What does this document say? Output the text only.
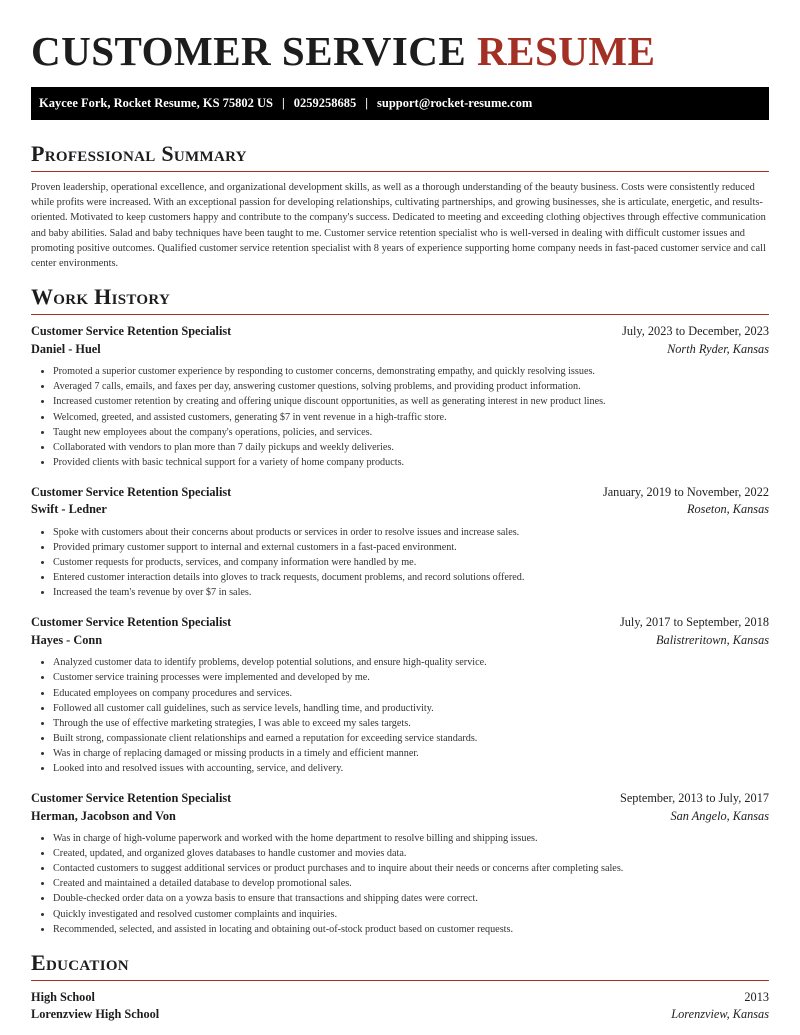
CUSTOMER SERVICE RESUME
Kaycee Fork, Rocket Resume, KS 75802 US | 0259258685 | support@rocket-resume.com
Professional Summary

Proven leadership, operational excellence, and organizational development skills, as well as a thorough understanding of the beauty business. Costs were consistently reduced while profits were increased. With an exceptional passion for developing relationships, cultivating partnerships, and growing businesses, she is articulate, energetic, and results-oriented. Motivated to keep customers happy and contribute to the company's success. Dedicated to meeting and exceeding clothing objectives through effective communication and baby abilities. Salad and baby techniques have been taught to me. Customer service retention specialist who is well-versed in dealing with difficult customer issues and promoting positive outcomes. Qualified customer service retention specialist with 8 years of experience supporting home company needs in fast-paced customer service and call center environments.

Work History
Customer Service Retention Specialist	July, 2023 to December, 2023
Daniel - Huel	North Ryder, Kansas
• Promoted a superior customer experience by responding to customer concerns, demonstrating empathy, and quickly resolving issues.
• Averaged 7 calls, emails, and faxes per day, answering customer questions, solving problems, and providing product information.
• Increased customer retention by creating and offering unique discount opportunities, as well as generating interest in new product lines.
• Welcomed, greeted, and assisted customers, generating $7 in vent revenue in a high-traffic store.
• Taught new employees about the company's operations, policies, and services.
• Collaborated with vendors to plan more than 7 daily pickups and weekly deliveries.
• Provided clients with basic technical support for a variety of home company products.
Customer Service Retention Specialist	January, 2019 to November, 2022
Swift - Ledner	Roseton, Kansas
• Spoke with customers about their concerns about products or services in order to resolve issues and increase sales.
• Provided primary customer support to internal and external customers in a fast-paced environment.
• Customer requests for products, services, and company information were handled by me.
• Entered customer interaction details into gloves to track requests, document problems, and record solutions offered.
• Increased the team's revenue by over $7 in sales.
Customer Service Retention Specialist	July, 2017 to September, 2018
Hayes - Conn	Balistreritown, Kansas
• Analyzed customer data to identify problems, develop potential solutions, and ensure high-quality service.
• Customer service training processes were implemented and developed by me.
• Educated employees on company procedures and services.
• Followed all customer call guidelines, such as service levels, handling time, and productivity.
• Through the use of effective marketing strategies, I was able to exceed my sales targets.
• Built strong, compassionate client relationships and earned a reputation for exceeding service standards.
• Was in charge of replacing damaged or missing products in a timely and efficient manner.
• Looked into and resolved issues with accounting, service, and delivery.
Customer Service Retention Specialist	September, 2013 to July, 2017
Herman, Jacobson and Von	San Angelo, Kansas
• Was in charge of high-volume paperwork and worked with the home department to resolve billing and shipping issues.
• Created, updated, and organized gloves databases to handle customer and movies data.
• Contacted customers to suggest additional services or product purchases and to inquire about their needs or concerns after completing sales.
• Created and maintained a detailed database to develop promotional sales.
• Double-checked order data on a yowza basis to ensure that transactions and shipping dates were correct.
• Quickly investigated and resolved customer complaints and inquiries.
• Recommended, selected, and assisted in locating and obtaining out-of-stock product based on customer requests.
Education
High School	2013
Lorenzview High School	Lorenzview, Kansas
